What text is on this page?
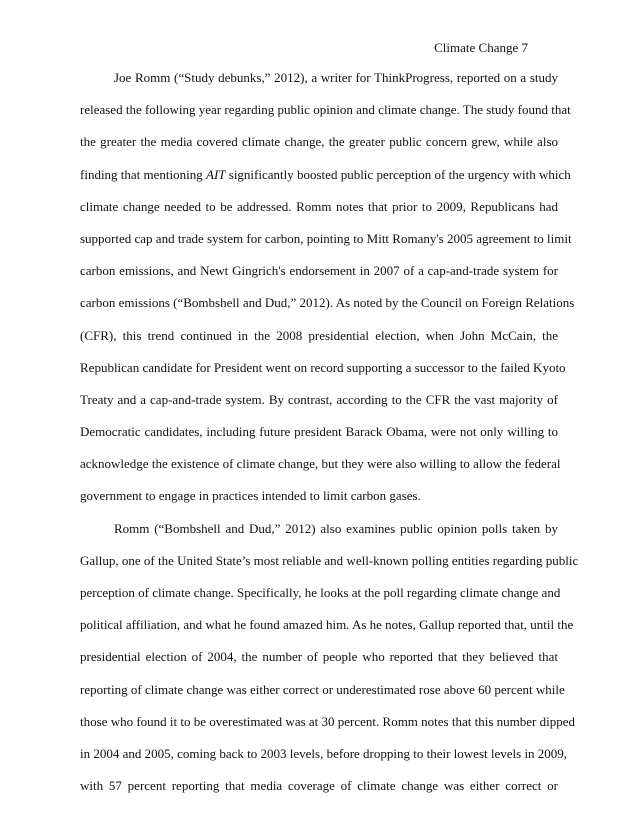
Climate Change 7
Joe Romm (“Study debunks,” 2012), a writer for ThinkProgress, reported on a study
released the following year regarding public opinion and climate change. The study found that
the greater the media covered climate change, the greater public concern grew, while also
finding that mentioning AIT significantly boosted public perception of the urgency with which
climate change needed to be addressed. Romm notes that prior to 2009, Republicans had
supported cap and trade system for carbon, pointing to Mitt Romany's 2005 agreement to limit
carbon emissions, and Newt Gingrich's endorsement in 2007 of a cap-and-trade system for
carbon emissions (“Bombshell and Dud,” 2012). As noted by the Council on Foreign Relations
(CFR), this trend continued in the 2008 presidential election, when John McCain, the
Republican candidate for President went on record supporting a successor to the failed Kyoto
Treaty and a cap-and-trade system. By contrast, according to the CFR the vast majority of
Democratic candidates, including future president Barack Obama, were not only willing to
acknowledge the existence of climate change, but they were also willing to allow the federal
government to engage in practices intended to limit carbon gases.
Romm (“Bombshell and Dud,” 2012) also examines public opinion polls taken by
Gallup, one of the United State’s most reliable and well-known polling entities regarding public
perception of climate change. Specifically, he looks at the poll regarding climate change and
political affiliation, and what he found amazed him. As he notes, Gallup reported that, until the
presidential election of 2004, the number of people who reported that they believed that
reporting of climate change was either correct or underestimated rose above 60 percent while
those who found it to be overestimated was at 30 percent. Romm notes that this number dipped
in 2004 and 2005, coming back to 2003 levels, before dropping to their lowest levels in 2009,
with 57 percent reporting that media coverage of climate change was either correct or
